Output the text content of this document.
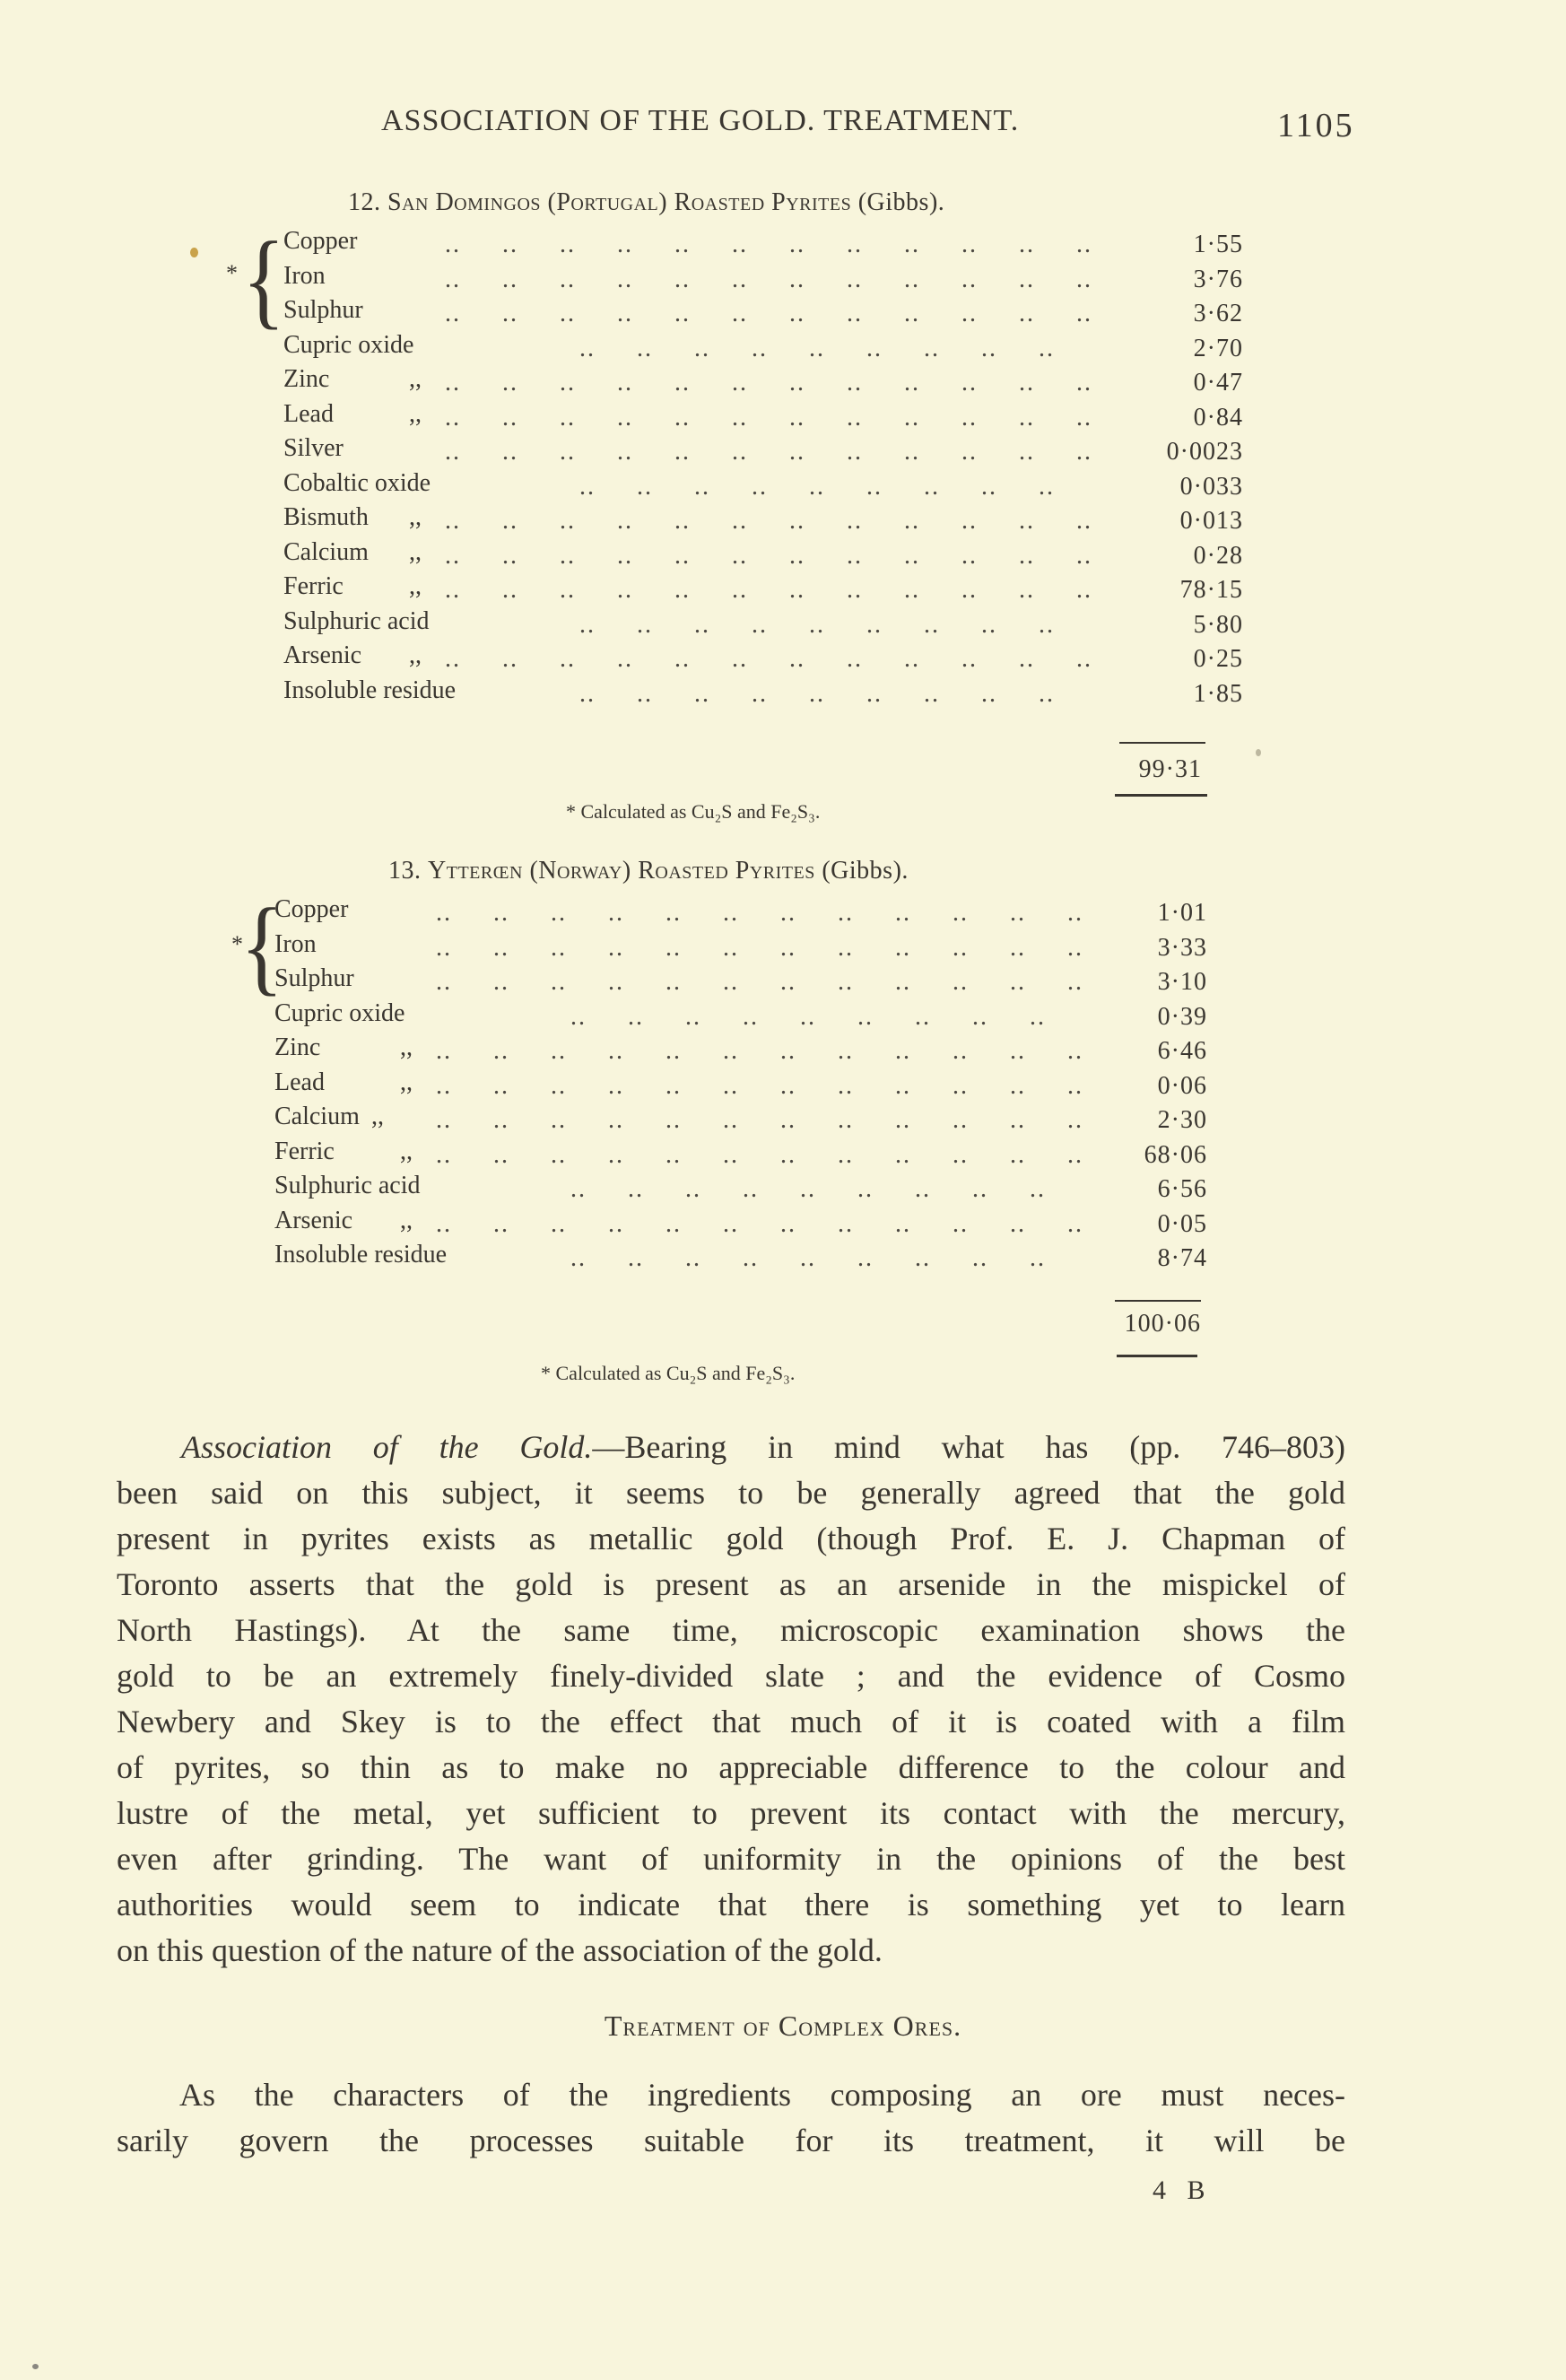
ASSOCIATION OF THE GOLD. TREATMENT.	1105
12. San Domingos (Portugal) Roasted Pyrites (Gibbs).
* {
Copper	..  ..  ..  ..  ..  ..  ..  ..  ..  ..  ..  ..	1·55
Iron	..  ..  ..  ..  ..  ..  ..  ..  ..  ..  ..  ..	3·76
Sulphur	..  ..  ..  ..  ..  ..  ..  ..  ..  ..  ..  ..	3·62
Cupric oxide	..  ..  ..  ..  ..  ..  ..  ..  ..	2·70
Zinc	,, ..  ..  ..  ..  ..  ..  ..  ..  ..  ..  ..  ..	0·47
Lead	,, ..  ..  ..  ..  ..  ..  ..  ..  ..  ..  ..  ..	0·84
Silver	..  ..  ..  ..  ..  ..  ..  ..  ..  ..  ..  ..	0·0023
Cobaltic oxide	..  ..  ..  ..  ..  ..  ..  ..  ..	0·033
Bismuth ,, ..  ..  ..  ..  ..  ..  ..  ..  ..  ..  ..  ..	0·013
Calcium ,, ..  ..  ..  ..  ..  ..  ..  ..  ..  ..  ..  ..	0·28
Ferric	,, ..  ..  ..  ..  ..  ..  ..  ..  ..  ..  ..  ..	78·15
Sulphuric acid	..  ..  ..  ..  ..  ..  ..  ..  ..	5·80
Arsenic ,, ..  ..  ..  ..  ..  ..  ..  ..  ..  ..  ..  ..	0·25
Insoluble residue	..  ..  ..  ..  ..  ..  ..  ..  ..	1·85
99·31
* Calculated as Cu₂S and Fe₂S₃.
13. Ytterœn (Norway) Roasted Pyrites (Gibbs).
*
{
Copper	..  ..  ..  ..  ..  ..  ..  ..  ..  ..  ..  ..	1·01
Iron	..  ..  ..  ..  ..  ..  ..  ..  ..  ..  ..  ..	3·33
Sulphur	..  ..  ..  ..  ..  ..  ..  ..  ..  ..  ..  ..	3·10
Cupric oxide	..  ..  ..  ..  ..  ..  ..  ..  ..	0·39
Zinc	,, ..  ..  ..  ..  ..  ..  ..  ..  ..  ..  ..  ..	6·46
Lead	,, ..  ..  ..  ..  ..  ..  ..  ..  ..  ..  ..  ..	0·06
Calcium ,, ..  ..  ..  ..  ..  ..  ..  ..  ..  ..  ..  ..	2·30
Ferric	,, ..  ..  ..  ..  ..  ..  ..  ..  ..  ..  ..  ..	68·06
Sulphuric acid	..  ..  ..  ..  ..  ..  ..  ..  ..	6·56
Arsenic ,, ..  ..  ..  ..  ..  ..  ..  ..  ..  ..  ..  ..	0·05
Insoluble residue	..  ..  ..  ..  ..  ..  ..  ..  ..	8·74
100·06
* Calculated as Cu₂S and Fe₂S₃.
Association of the Gold.—Bearing in mind what has (pp. 746–803)
been said on this subject, it seems to be generally agreed that the gold
present in pyrites exists as metallic gold (though Prof. E. J. Chapman of
Toronto asserts that the gold is present as an arsenide in the mispickel of
North Hastings). At the same time, microscopic examination shows the
gold to be an extremely finely-divided slate ; and the evidence of Cosmo
Newbery and Skey is to the effect that much of it is coated with a film
of pyrites, so thin as to make no appreciable difference to the colour and
lustre of the metal, yet sufficient to prevent its contact with the mercury,
even after grinding. The want of uniformity in the opinions of the best
authorities would seem to indicate that there is something yet to learn
on this question of the nature of the association of the gold.
Treatment of Complex Ores.
As the characters of the ingredients composing an ore must neces-
sarily govern the processes suitable for its treatment, it will be
4 B
